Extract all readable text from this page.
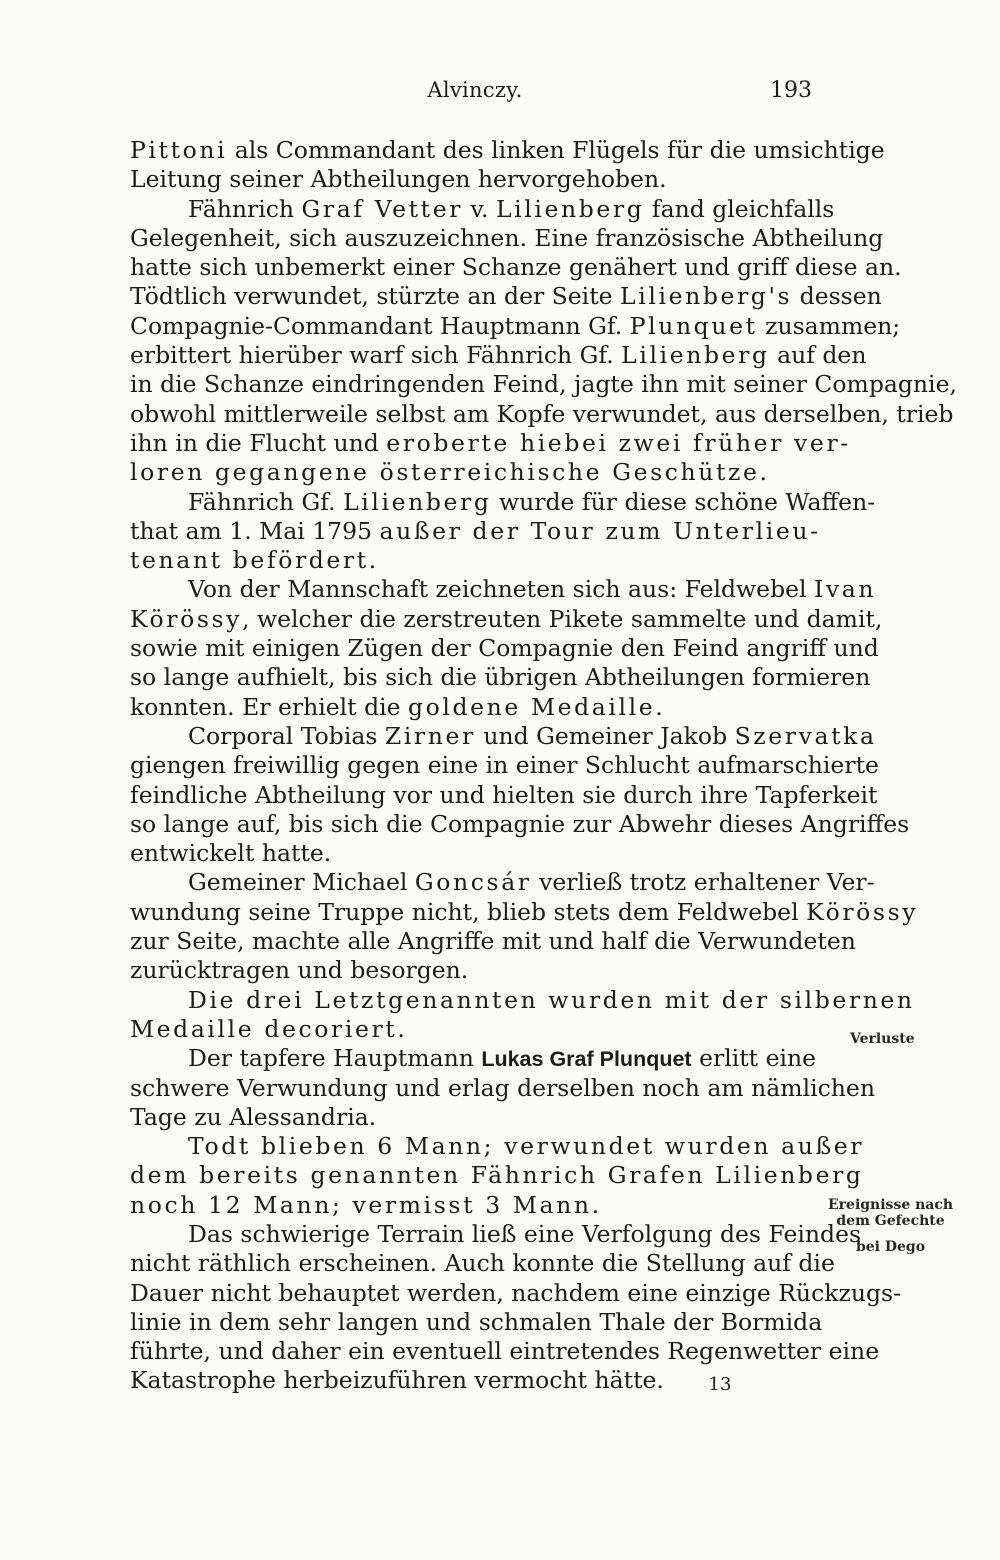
Alvinczy.	193
Pittoni als Commandant des linken Flügels für die umsichtige
Leitung seiner Abtheilungen hervorgehoben.
Fähnrich Graf Vetter v. Lilienberg fand gleichfalls
Gelegenheit, sich auszuzeichnen. Eine französische Abtheilung
hatte sich unbemerkt einer Schanze genähert und griff diese an.
Tödtlich verwundet, stürzte an der Seite Lilienberg's dessen
Compagnie-Commandant Hauptmann Gf. Plunquet zusammen;
erbittert hierüber warf sich Fähnrich Gf. Lilienberg auf den
in die Schanze eindringenden Feind, jagte ihn mit seiner Compagnie,
obwohl mittlerweile selbst am Kopfe verwundet, aus derselben, trieb
ihn in die Flucht und eroberte hiebei zwei früher ver-
loren gegangene österreichische Geschütze.
Fähnrich Gf. Lilienberg wurde für diese schöne Waffen-
that am 1. Mai 1795 außer der Tour zum Unterlieu-
tenant befördert.
Von der Mannschaft zeichneten sich aus: Feldwebel Ivan
Körössy, welcher die zerstreuten Pikete sammelte und damit,
sowie mit einigen Zügen der Compagnie den Feind angriff und
so lange aufhielt, bis sich die übrigen Abtheilungen formieren
konnten. Er erhielt die goldene Medaille.
Corporal Tobias Zirner und Gemeiner Jakob Szervatka
giengen freiwillig gegen eine in einer Schlucht aufmarschierte
feindliche Abtheilung vor und hielten sie durch ihre Tapferkeit
so lange auf, bis sich die Compagnie zur Abwehr dieses Angriffes
entwickelt hatte.
Gemeiner Michael Goncsár verließ trotz erhaltener Ver-
wundung seine Truppe nicht, blieb stets dem Feldwebel Körössy
zur Seite, machte alle Angriffe mit und half die Verwundeten
zurücktragen und besorgen.
Die drei Letztgenannten wurden mit der silbernen
Medaille decoriert.
Der tapfere Hauptmann Lukas Graf Plunquet erlitt eine
schwere Verwundung und erlag derselben noch am nämlichen
Tage zu Alessandria.
Todt blieben 6 Mann; verwundet wurden außer
dem bereits genannten Fähnrich Grafen Lilienberg
noch 12 Mann; vermisst 3 Mann.
Das schwierige Terrain ließ eine Verfolgung des Feindes
nicht räthlich erscheinen. Auch konnte die Stellung auf die
Dauer nicht behauptet werden, nachdem eine einzige Rückzugs-
linie in dem sehr langen und schmalen Thale der Bormida
führte, und daher ein eventuell eintretendes Regenwetter eine
Katastrophe herbeizuführen vermocht hätte.
Verluste
Ereignisse nach
dem Gefechte
bei Dego
13
